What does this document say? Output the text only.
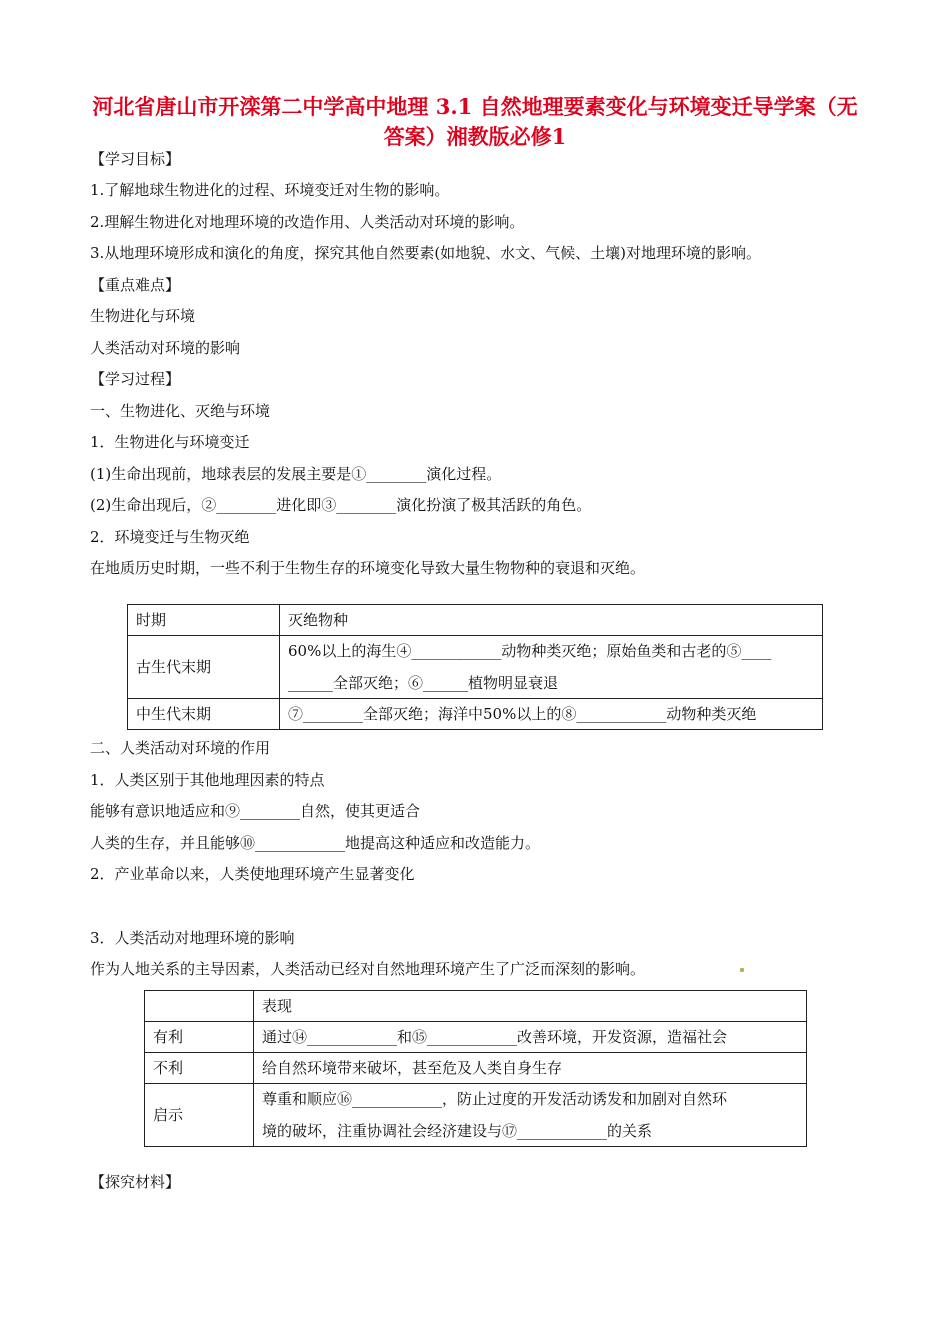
河北省唐山市开滦第二中学高中地理 3.1 自然地理要素变化与环境变迁导学案（无答案）湘教版必修1
【学习目标】
1.了解地球生物进化的过程、环境变迁对生物的影响。
2.理解生物进化对地理环境的改造作用、人类活动对环境的影响。
3.从地理环境形成和演化的角度，探究其他自然要素(如地貌、水文、气候、土壤)对地理环境的影响。
【重点难点】
生物进化与环境
人类活动对环境的影响
【学习过程】
一、生物进化、灭绝与环境
1．生物进化与环境变迁
(1)生命出现前，地球表层的发展主要是①________演化过程。
(2)生命出现后，②________进化即③________演化扮演了极其活跃的角色。
2．环境变迁与生物灭绝
在地质历史时期，一些不利于生物生存的环境变化导致大量生物物种的衰退和灭绝。
时期	灭绝物种
古生代末期	60%以上的海生④____________动物种类灭绝；原始鱼类和古老的⑤____
______全部灭绝；⑥______植物明显衰退

中生代末期	⑦________全部灭绝；海洋中50%以上的⑧____________动物种类灭绝
二、人类活动对环境的作用
1．人类区别于其他地理因素的特点
能够有意识地适应和⑨________自然，使其更适合
人类的生存，并且能够⑩____________地提高这种适应和改造能力。
2．产业革命以来，人类使地理环境产生显著变化
3．人类活动对地理环境的影响
作为人地关系的主导因素，人类活动已经对自然地理环境产生了广泛而深刻的影响。
	表现
有利	通过⑭____________和⑮____________改善环境，开发资源，造福社会
不利	给自然环境带来破坏，甚至危及人类自身生存
启示	尊重和顺应⑯____________，防止过度的开发活动诱发和加剧对自然环
境的破坏，注重协调社会经济建设与⑰____________的关系
【探究材料】
